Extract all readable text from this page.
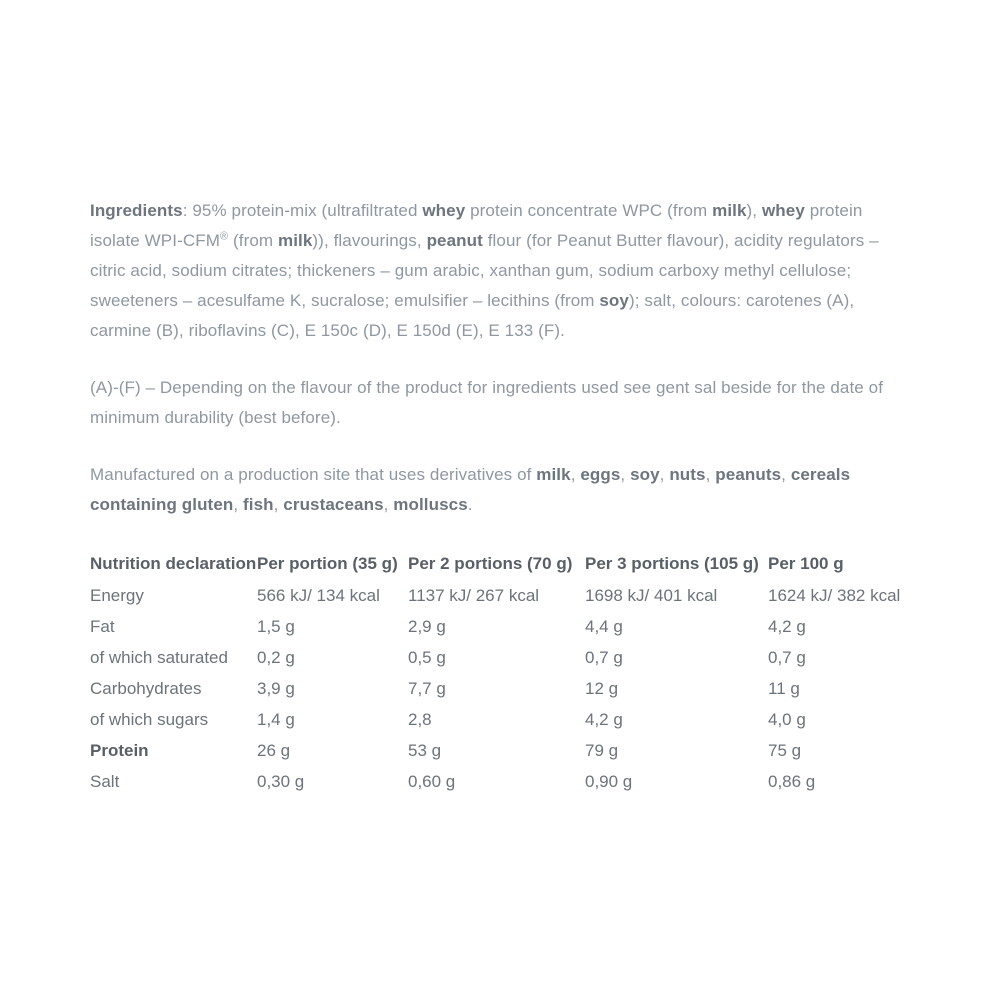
Ingredients: 95% protein-mix (ultrafiltrated whey protein concentrate WPC (from milk), whey protein isolate WPI-CFM® (from milk)), flavourings, peanut flour (for Peanut Butter flavour), acidity regulators – citric acid, sodium citrates; thickeners – gum arabic, xanthan gum, sodium carboxy methyl cellulose; sweeteners – acesulfame K, sucralose; emulsifier – lecithins (from soy); salt, colours: carotenes (A), carmine (B), riboflavins (C), E 150c (D), E 150d (E), E 133 (F).

(A)-(F) – Depending on the flavour of the product for ingredients used see gent sal beside for the date of minimum durability (best before).

Manufactured on a production site that uses derivatives of milk, eggs, soy, nuts, peanuts, cereals containing gluten, fish, crustaceans, molluscs.

Nutrition declaration	Per portion (35 g)	Per 2 portions (70 g)	Per 3 portions (105 g)	Per 100 g
Energy	566 kJ/ 134 kcal	1137 kJ/ 267 kcal	1698 kJ/ 401 kcal	1624 kJ/ 382 kcal
Fat	1,5 g	2,9 g	4,4 g	4,2 g
of which saturated	0,2 g	0,5 g	0,7 g	0,7 g
Carbohydrates	3,9 g	7,7 g	12 g	11 g
of which sugars	1,4 g	2,8	4,2 g	4,0 g
Protein	26 g	53 g	79 g	75 g
Salt	0,30 g	0,60 g	0,90 g	0,86 g
